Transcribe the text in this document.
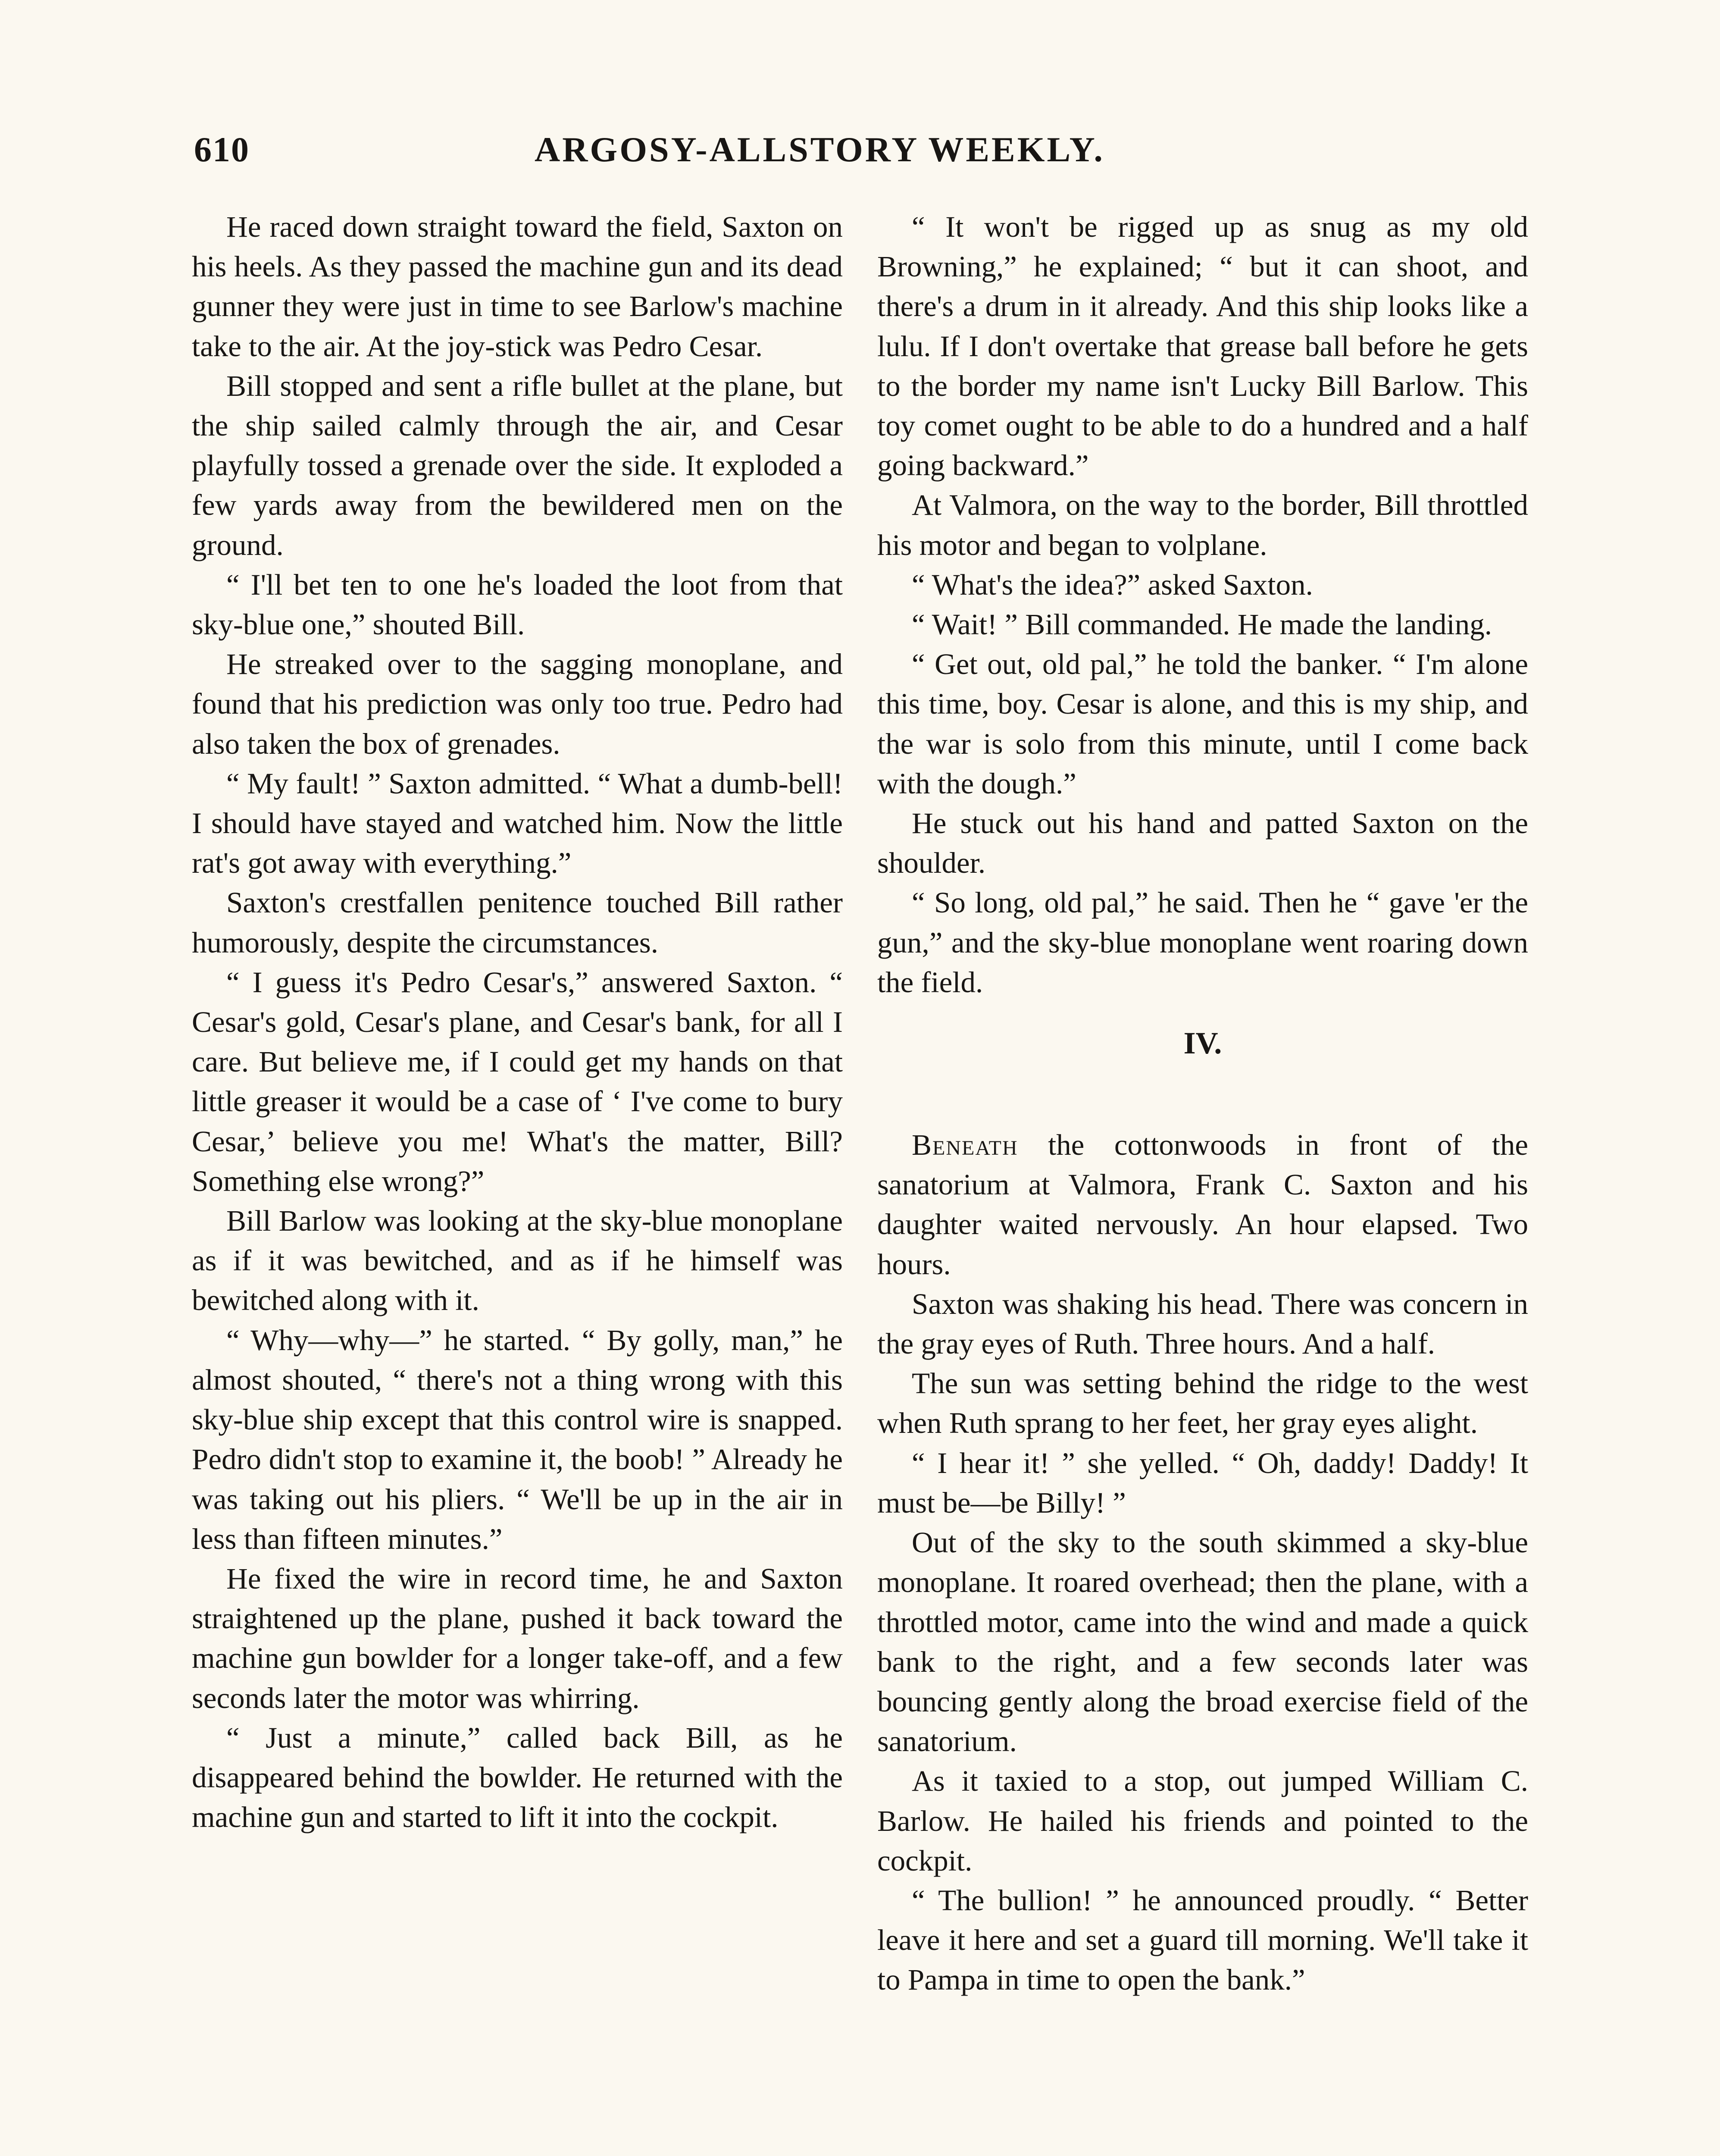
610	ARGOSY-ALLSTORY WEEKLY.

He raced down straight toward the field, Saxton on his heels. As they passed the machine gun and its dead gunner they were just in time to see Barlow's machine take to the air. At the joy-stick was Pedro Cesar.

Bill stopped and sent a rifle bullet at the plane, but the ship sailed calmly through the air, and Cesar playfully tossed a grenade over the side. It exploded a few yards away from the bewildered men on the ground.

“ I'll bet ten to one he's loaded the loot from that sky-blue one,” shouted Bill.

He streaked over to the sagging monoplane, and found that his prediction was only too true. Pedro had also taken the box of grenades.

“ My fault! ” Saxton admitted. “ What a dumb-bell! I should have stayed and watched him. Now the little rat's got away with everything.”

Saxton's crestfallen penitence touched Bill rather humorously, despite the circumstances.

“ I guess it's Pedro Cesar's,” answered Saxton. “ Cesar's gold, Cesar's plane, and Cesar's bank, for all I care. But believe me, if I could get my hands on that little greaser it would be a case of ‘ I've come to bury Cesar,’ believe you me! What's the matter, Bill? Something else wrong?”

Bill Barlow was looking at the sky-blue monoplane as if it was bewitched, and as if he himself was bewitched along with it.

“ Why—why—” he started. “ By golly, man,” he almost shouted, “ there's not a thing wrong with this sky-blue ship except that this control wire is snapped. Pedro didn't stop to examine it, the boob! ” Already he was taking out his pliers. “ We'll be up in the air in less than fifteen minutes.”

He fixed the wire in record time, he and Saxton straightened up the plane, pushed it back toward the machine gun bowlder for a longer take-off, and a few seconds later the motor was whirring.

“ Just a minute,” called back Bill, as he disappeared behind the bowlder. He returned with the machine gun and started to lift it into the cockpit.

“ It won't be rigged up as snug as my old Browning,” he explained; “ but it can shoot, and there's a drum in it already. And this ship looks like a lulu. If I don't overtake that grease ball before he gets to the border my name isn't Lucky Bill Barlow. This toy comet ought to be able to do a hundred and a half going backward.”

At Valmora, on the way to the border, Bill throttled his motor and began to volplane.

“ What's the idea?” asked Saxton.

“ Wait! ” Bill commanded. He made the landing.

“ Get out, old pal,” he told the banker. “ I'm alone this time, boy. Cesar is alone, and this is my ship, and the war is solo from this minute, until I come back with the dough.”

He stuck out his hand and patted Saxton on the shoulder.

“ So long, old pal,” he said. Then he “ gave 'er the gun,” and the sky-blue monoplane went roaring down the field.

IV.

Beneath the cottonwoods in front of the sanatorium at Valmora, Frank C. Saxton and his daughter waited nervously. An hour elapsed. Two hours.

Saxton was shaking his head. There was concern in the gray eyes of Ruth. Three hours. And a half.

The sun was setting behind the ridge to the west when Ruth sprang to her feet, her gray eyes alight.

“ I hear it! ” she yelled. “ Oh, daddy! Daddy! It must be—be Billy! ”

Out of the sky to the south skimmed a sky-blue monoplane. It roared overhead; then the plane, with a throttled motor, came into the wind and made a quick bank to the right, and a few seconds later was bouncing gently along the broad exercise field of the sanatorium.

As it taxied to a stop, out jumped William C. Barlow. He hailed his friends and pointed to the cockpit.

“ The bullion! ” he announced proudly. “ Better leave it here and set a guard till morning. We'll take it to Pampa in time to open the bank.”
